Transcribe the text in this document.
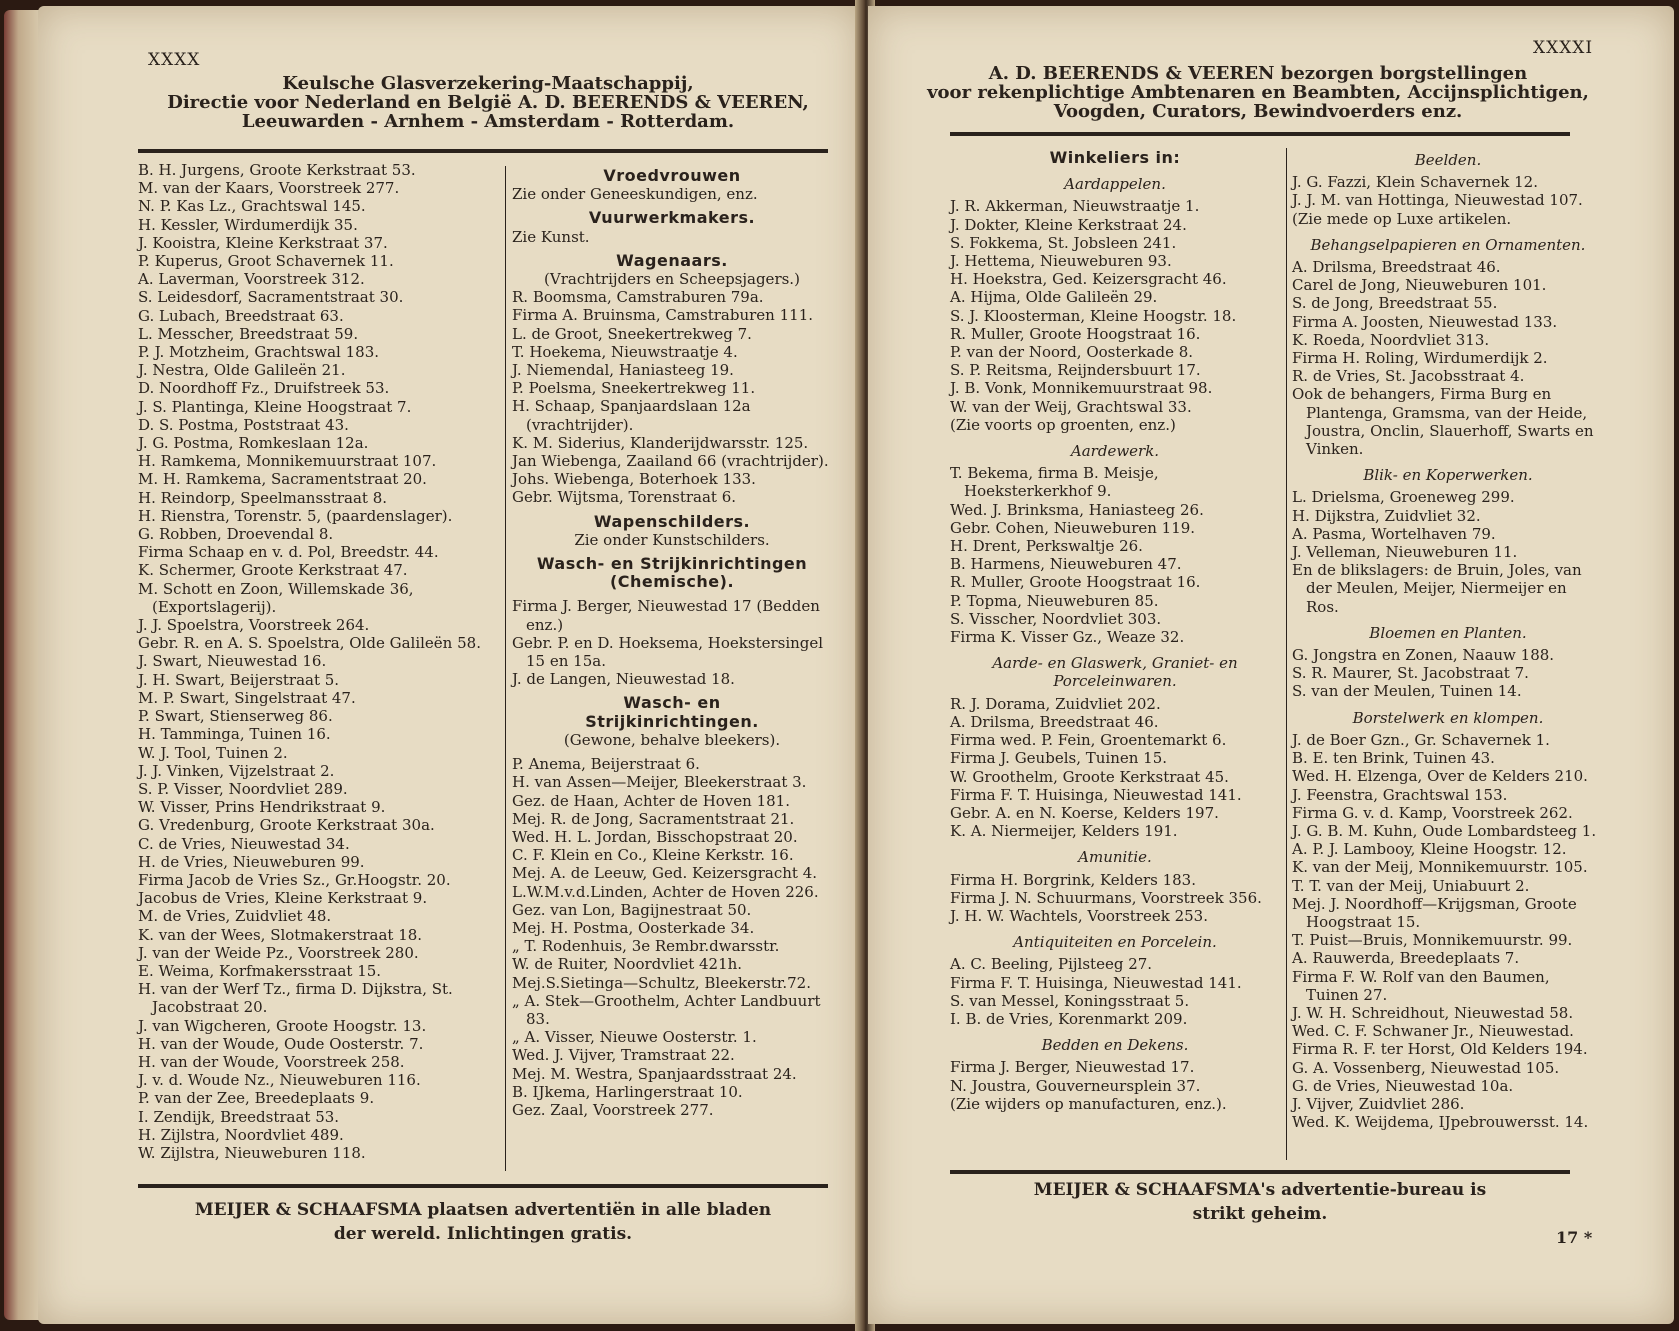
XXXX
Keulsche Glasverzekering-Maatschappij,
Directie voor Nederland en België A. D. BEERENDS & VEEREN,
Leeuwarden - Arnhem - Amsterdam - Rotterdam.
B. H. Jurgens, Groote Kerkstraat 53.
M. van der Kaars, Voorstreek 277.
N. P. Kas Lz., Grachtswal 145.
H. Kessler, Wirdumerdijk 35.
J. Kooistra, Kleine Kerkstraat 37.
P. Kuperus, Groot Schavernek 11.
A. Laverman, Voorstreek 312.
S. Leidesdorf, Sacramentstraat 30.
G. Lubach, Breedstraat 63.
L. Messcher, Breedstraat 59.
P. J. Motzheim, Grachtswal 183.
J. Nestra, Olde Galileën 21.
D. Noordhoff Fz., Druifstreek 53.
J. S. Plantinga, Kleine Hoogstraat 7.
D. S. Postma, Poststraat 43.
J. G. Postma, Romkeslaan 12a.
H. Ramkema, Monnikemuurstraat 107.
M. H. Ramkema, Sacramentstraat 20.
H. Reindorp, Speelmansstraat 8.
H. Rienstra, Torenstr. 5, (paardenslager).
G. Robben, Droevendal 8.
Firma Schaap en v. d. Pol, Breedstr. 44.
K. Schermer, Groote Kerkstraat 47.
M. Schott en Zoon, Willemskade 36, (Exportslagerij).
J. J. Spoelstra, Voorstreek 264.
Gebr. R. en A. S. Spoelstra, Olde Galileën 58.
J. Swart, Nieuwestad 16.
J. H. Swart, Beijerstraat 5.
M. P. Swart, Singelstraat 47.
P. Swart, Stienserweg 86.
H. Tamminga, Tuinen 16.
W. J. Tool, Tuinen 2.
J. J. Vinken, Vijzelstraat 2.
S. P. Visser, Noordvliet 289.
W. Visser, Prins Hendrikstraat 9.
G. Vredenburg, Groote Kerkstraat 30a.
C. de Vries, Nieuwestad 34.
H. de Vries, Nieuweburen 99.
Firma Jacob de Vries Sz., Gr.Hoogstr. 20.
Jacobus de Vries, Kleine Kerkstraat 9.
M. de Vries, Zuidvliet 48.
K. van der Wees, Slotmakerstraat 18.
J. van der Weide Pz., Voorstreek 280.
E. Weima, Korfmakersstraat 15.
H. van der Werf Tz., firma D. Dijkstra, St. Jacobstraat 20.
J. van Wigcheren, Groote Hoogstr. 13.
H. van der Woude, Oude Oosterstr. 7.
H. van der Woude, Voorstreek 258.
J. v. d. Woude Nz., Nieuweburen 116.
P. van der Zee, Breedeplaats 9.
I. Zendijk, Breedstraat 53.
H. Zijlstra, Noordvliet 489.
W. Zijlstra, Nieuweburen 118.
Vroedvrouwen
Zie onder Geneeskundigen, enz.
Vuurwerkmakers.
Zie Kunst.
Wagenaars.
(Vrachtrijders en Scheepsjagers.)
R. Boomsma, Camstraburen 79a.
Firma A. Bruinsma, Camstraburen 111.
L. de Groot, Sneekertrekweg 7.
T. Hoekema, Nieuwstraatje 4.
J. Niemendal, Haniasteeg 19.
P. Poelsma, Sneekertrekweg 11.
H. Schaap, Spanjaardslaan 12a (vrachtrijder).
K. M. Siderius, Klanderijdwarsstr. 125.
Jan Wiebenga, Zaailand 66 (vrachtrijder).
Johs. Wiebenga, Boterhoek 133.
Gebr. Wijtsma, Torenstraat 6.
Wapenschilders.
Zie onder Kunstschilders.
Wasch- en Strijkinrichtingen
(Chemische).
Firma J. Berger, Nieuwestad 17 (Bedden enz.)
Gebr. P. en D. Hoeksema, Hoekstersingel 15 en 15a.
J. de Langen, Nieuwestad 18.
Wasch- en
Strijkinrichtingen.
(Gewone, behalve bleekers).
P. Anema, Beijerstraat 6.
H. van Assen—Meijer, Bleekerstraat 3.
Gez. de Haan, Achter de Hoven 181.
Mej. R. de Jong, Sacramentstraat 21.
Wed. H. L. Jordan, Bisschopstraat 20.
C. F. Klein en Co., Kleine Kerkstr. 16.
Mej. A. de Leeuw, Ged. Keizersgracht 4.
L.W.M.v.d.Linden, Achter de Hoven 226.
Gez. van Lon, Bagijnestraat 50.
Mej. H. Postma, Oosterkade 34.
„ T. Rodenhuis, 3e Rembr.dwarsstr.
W. de Ruiter, Noordvliet 421h.
Mej.S.Sietinga—Schultz, Bleekerstr.72.
„ A. Stek—Groothelm, Achter Landbuurt 83.
„ A. Visser, Nieuwe Oosterstr. 1.
Wed. J. Vijver, Tramstraat 22.
Mej. M. Westra, Spanjaardsstraat 24.
B. IJkema, Harlingerstraat 10.
Gez. Zaal, Voorstreek 277.
MEIJER & SCHAAFSMA plaatsen advertentiën in alle bladen
der wereld. Inlichtingen gratis.
XXXXI
A. D. BEERENDS & VEEREN bezorgen borgstellingen
voor rekenplichtige Ambtenaren en Beambten, Accijnsplichtigen,
Voogden, Curators, Bewindvoerders enz.
Winkeliers in:
Aardappelen.
J. R. Akkerman, Nieuwstraatje 1.
J. Dokter, Kleine Kerkstraat 24.
S. Fokkema, St. Jobsleen 241.
J. Hettema, Nieuweburen 93.
H. Hoekstra, Ged. Keizersgracht 46.
A. Hijma, Olde Galileën 29.
S. J. Kloosterman, Kleine Hoogstr. 18.
R. Muller, Groote Hoogstraat 16.
P. van der Noord, Oosterkade 8.
S. P. Reitsma, Reijndersbuurt 17.
J. B. Vonk, Monnikemuurstraat 98.
W. van der Weij, Grachtswal 33.
(Zie voorts op groenten, enz.)
Aardewerk.
T. Bekema, firma B. Meisje, Hoeksterkerkhof 9.
Wed. J. Brinksma, Haniasteeg 26.
Gebr. Cohen, Nieuweburen 119.
H. Drent, Perkswaltje 26.
B. Harmens, Nieuweburen 47.
R. Muller, Groote Hoogstraat 16.
P. Topma, Nieuweburen 85.
S. Visscher, Noordvliet 303.
Firma K. Visser Gz., Weaze 32.
Aarde- en Glaswerk, Graniet- en Porceleinwaren.
R. J. Dorama, Zuidvliet 202.
A. Drilsma, Breedstraat 46.
Firma wed. P. Fein, Groentemarkt 6.
Firma J. Geubels, Tuinen 15.
W. Groothelm, Groote Kerkstraat 45.
Firma F. T. Huisinga, Nieuwestad 141.
Gebr. A. en N. Koerse, Kelders 197.
K. A. Niermeijer, Kelders 191.
Amunitie.
Firma H. Borgrink, Kelders 183.
Firma J. N. Schuurmans, Voorstreek 356.
J. H. W. Wachtels, Voorstreek 253.
Antiquiteiten en Porcelein.
A. C. Beeling, Pijlsteeg 27.
Firma F. T. Huisinga, Nieuwestad 141.
S. van Messel, Koningsstraat 5.
I. B. de Vries, Korenmarkt 209.
Bedden en Dekens.
Firma J. Berger, Nieuwestad 17.
N. Joustra, Gouverneursplein 37.
(Zie wijders op manufacturen, enz.).
Beelden.
J. G. Fazzi, Klein Schavernek 12.
J. J. M. van Hottinga, Nieuwestad 107.
(Zie mede op Luxe artikelen.
Behangselpapieren en Ornamenten.
A. Drilsma, Breedstraat 46.
Carel de Jong, Nieuweburen 101.
S. de Jong, Breedstraat 55.
Firma A. Joosten, Nieuwestad 133.
K. Roeda, Noordvliet 313.
Firma H. Roling, Wirdumerdijk 2.
R. de Vries, St. Jacobsstraat 4.
Ook de behangers, Firma Burg en Plantenga, Gramsma, van der Heide, Joustra, Onclin, Slauerhoff, Swarts en Vinken.
Blik- en Koperwerken.
L. Drielsma, Groeneweg 299.
H. Dijkstra, Zuidvliet 32.
A. Pasma, Wortelhaven 79.
J. Velleman, Nieuweburen 11.
En de blikslagers: de Bruin, Joles, van der Meulen, Meijer, Niermeijer en Ros.
Bloemen en Planten.
G. Jongstra en Zonen, Naauw 188.
S. R. Maurer, St. Jacobstraat 7.
S. van der Meulen, Tuinen 14.
Borstelwerk en klompen.
J. de Boer Gzn., Gr. Schavernek 1.
B. E. ten Brink, Tuinen 43.
Wed. H. Elzenga, Over de Kelders 210.
J. Feenstra, Grachtswal 153.
Firma G. v. d. Kamp, Voorstreek 262.
J. G. B. M. Kuhn, Oude Lombardsteeg 1.
A. P. J. Lambooy, Kleine Hoogstr. 12.
K. van der Meij, Monnikemuurstr. 105.
T. T. van der Meij, Uniabuurt 2.
Mej. J. Noordhoff—Krijgsman, Groote Hoogstraat 15.
T. Puist—Bruis, Monnikemuurstr. 99.
A. Rauwerda, Breedeplaats 7.
Firma F. W. Rolf van den Baumen, Tuinen 27.
J. W. H. Schreidhout, Nieuwestad 58.
Wed. C. F. Schwaner Jr., Nieuwestad.
Firma R. F. ter Horst, Old Kelders 194.
G. A. Vossenberg, Nieuwestad 105.
G. de Vries, Nieuwestad 10a.
J. Vijver, Zuidvliet 286.
Wed. K. Weijdema, IJpebrouwersst. 14.
MEIJER & SCHAAFSMA's advertentie-bureau is
strikt geheim.
17 *
